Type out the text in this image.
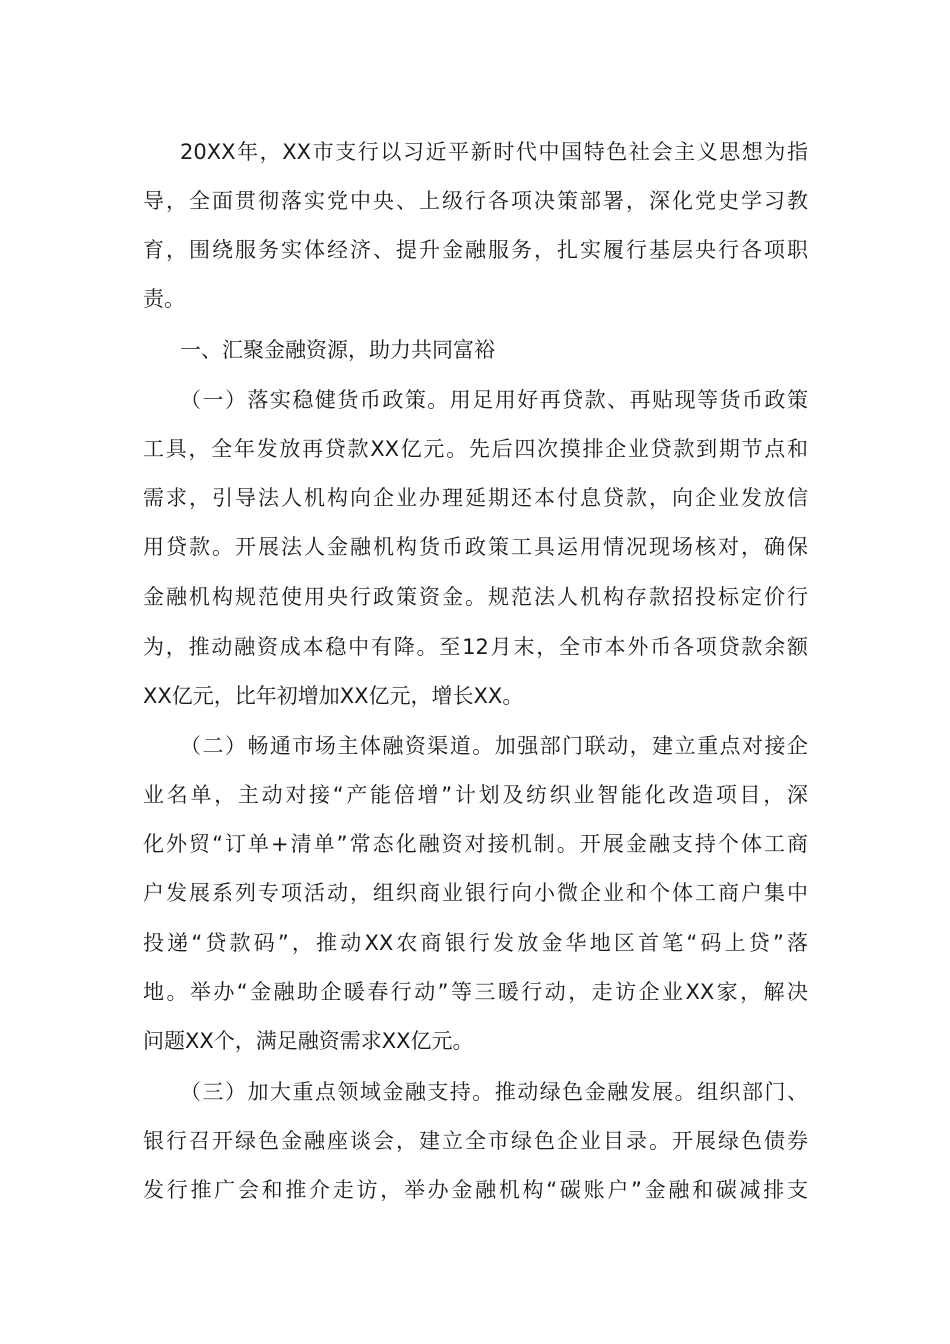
20XX年，XX市支行以习近平新时代中国特色社会主义思想为指
导，全面贯彻落实党中央、上级行各项决策部署，深化党史学习教
育，围绕服务实体经济、提升金融服务，扎实履行基层央行各项职
责。
一、汇聚金融资源，助力共同富裕
（一）落实稳健货币政策。用足用好再贷款、再贴现等货币政策
工具，全年发放再贷款XX亿元。先后四次摸排企业贷款到期节点和
需求，引导法人机构向企业办理延期还本付息贷款，向企业发放信
用贷款。开展法人金融机构货币政策工具运用情况现场核对，确保
金融机构规范使用央行政策资金。规范法人机构存款招投标定价行
为，推动融资成本稳中有降。至12月末，全市本外币各项贷款余额
XX亿元，比年初增加XX亿元，增长XX。
（二）畅通市场主体融资渠道。加强部门联动，建立重点对接企
业名单，主动对接“产能倍增”计划及纺织业智能化改造项目，深
化外贸“订单+清单”常态化融资对接机制。开展金融支持个体工商
户发展系列专项活动，组织商业银行向小微企业和个体工商户集中
投递“贷款码”，推动XX农商银行发放金华地区首笔“码上贷”落
地。举办“金融助企暖春行动”等三暖行动，走访企业XX家，解决
问题XX个，满足融资需求XX亿元。
（三）加大重点领域金融支持。推动绿色金融发展。组织部门、
银行召开绿色金融座谈会，建立全市绿色企业目录。开展绿色债券
发行推广会和推介走访，举办金融机构“碳账户”金融和碳减排支
